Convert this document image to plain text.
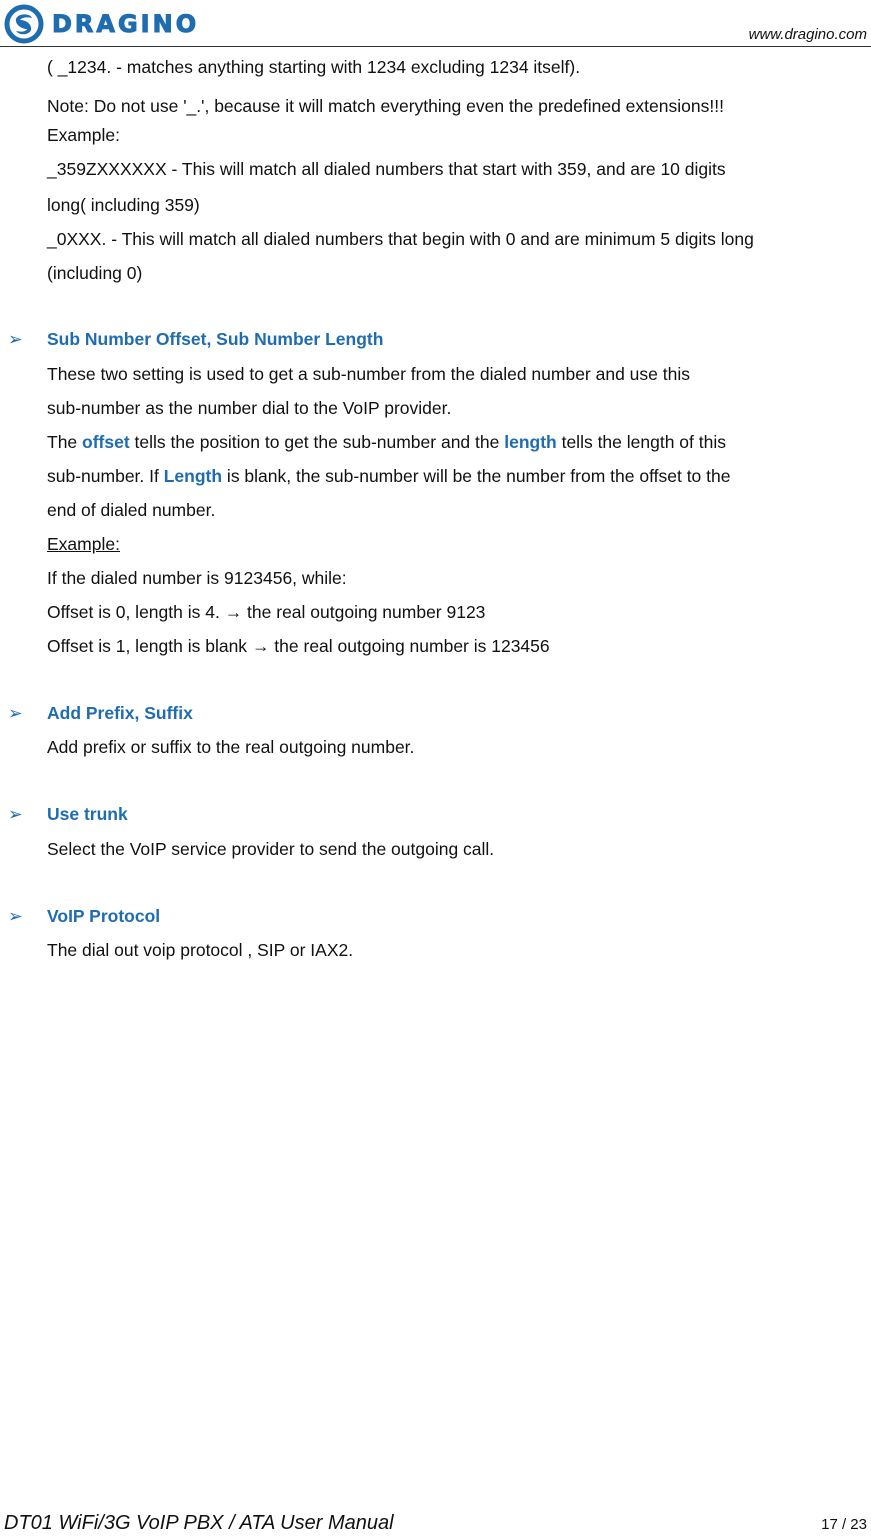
DRAGINO	www.dragino.com
( _1234. - matches anything starting with 1234 excluding 1234 itself).
Note: Do not use '_.', because it will match everything even the predefined extensions!!!
Example:
_359ZXXXXXX - This will match all dialed numbers that start with 359, and are 10 digits
long( including 359)
_0XXX. - This will match all dialed numbers that begin with 0 and are minimum 5 digits long
(including 0)
➢ Sub Number Offset, Sub Number Length
These two setting is used to get a sub-number from the dialed number and use this
sub-number as the number dial to the VoIP provider.
The offset tells the position to get the sub-number and the length tells the length of this
sub-number. If Length is blank, the sub-number will be the number from the offset to the
end of dialed number.
Example:
If the dialed number is 9123456, while:
Offset is 0, length is 4. → the real outgoing number 9123
Offset is 1, length is blank → the real outgoing number is 123456
➢ Add Prefix, Suffix
Add prefix or suffix to the real outgoing number.
➢ Use trunk
Select the VoIP service provider to send the outgoing call.
➢ VoIP Protocol
The dial out voip protocol , SIP or IAX2.
DT01 WiFi/3G VoIP PBX / ATA User Manual	17 / 23
